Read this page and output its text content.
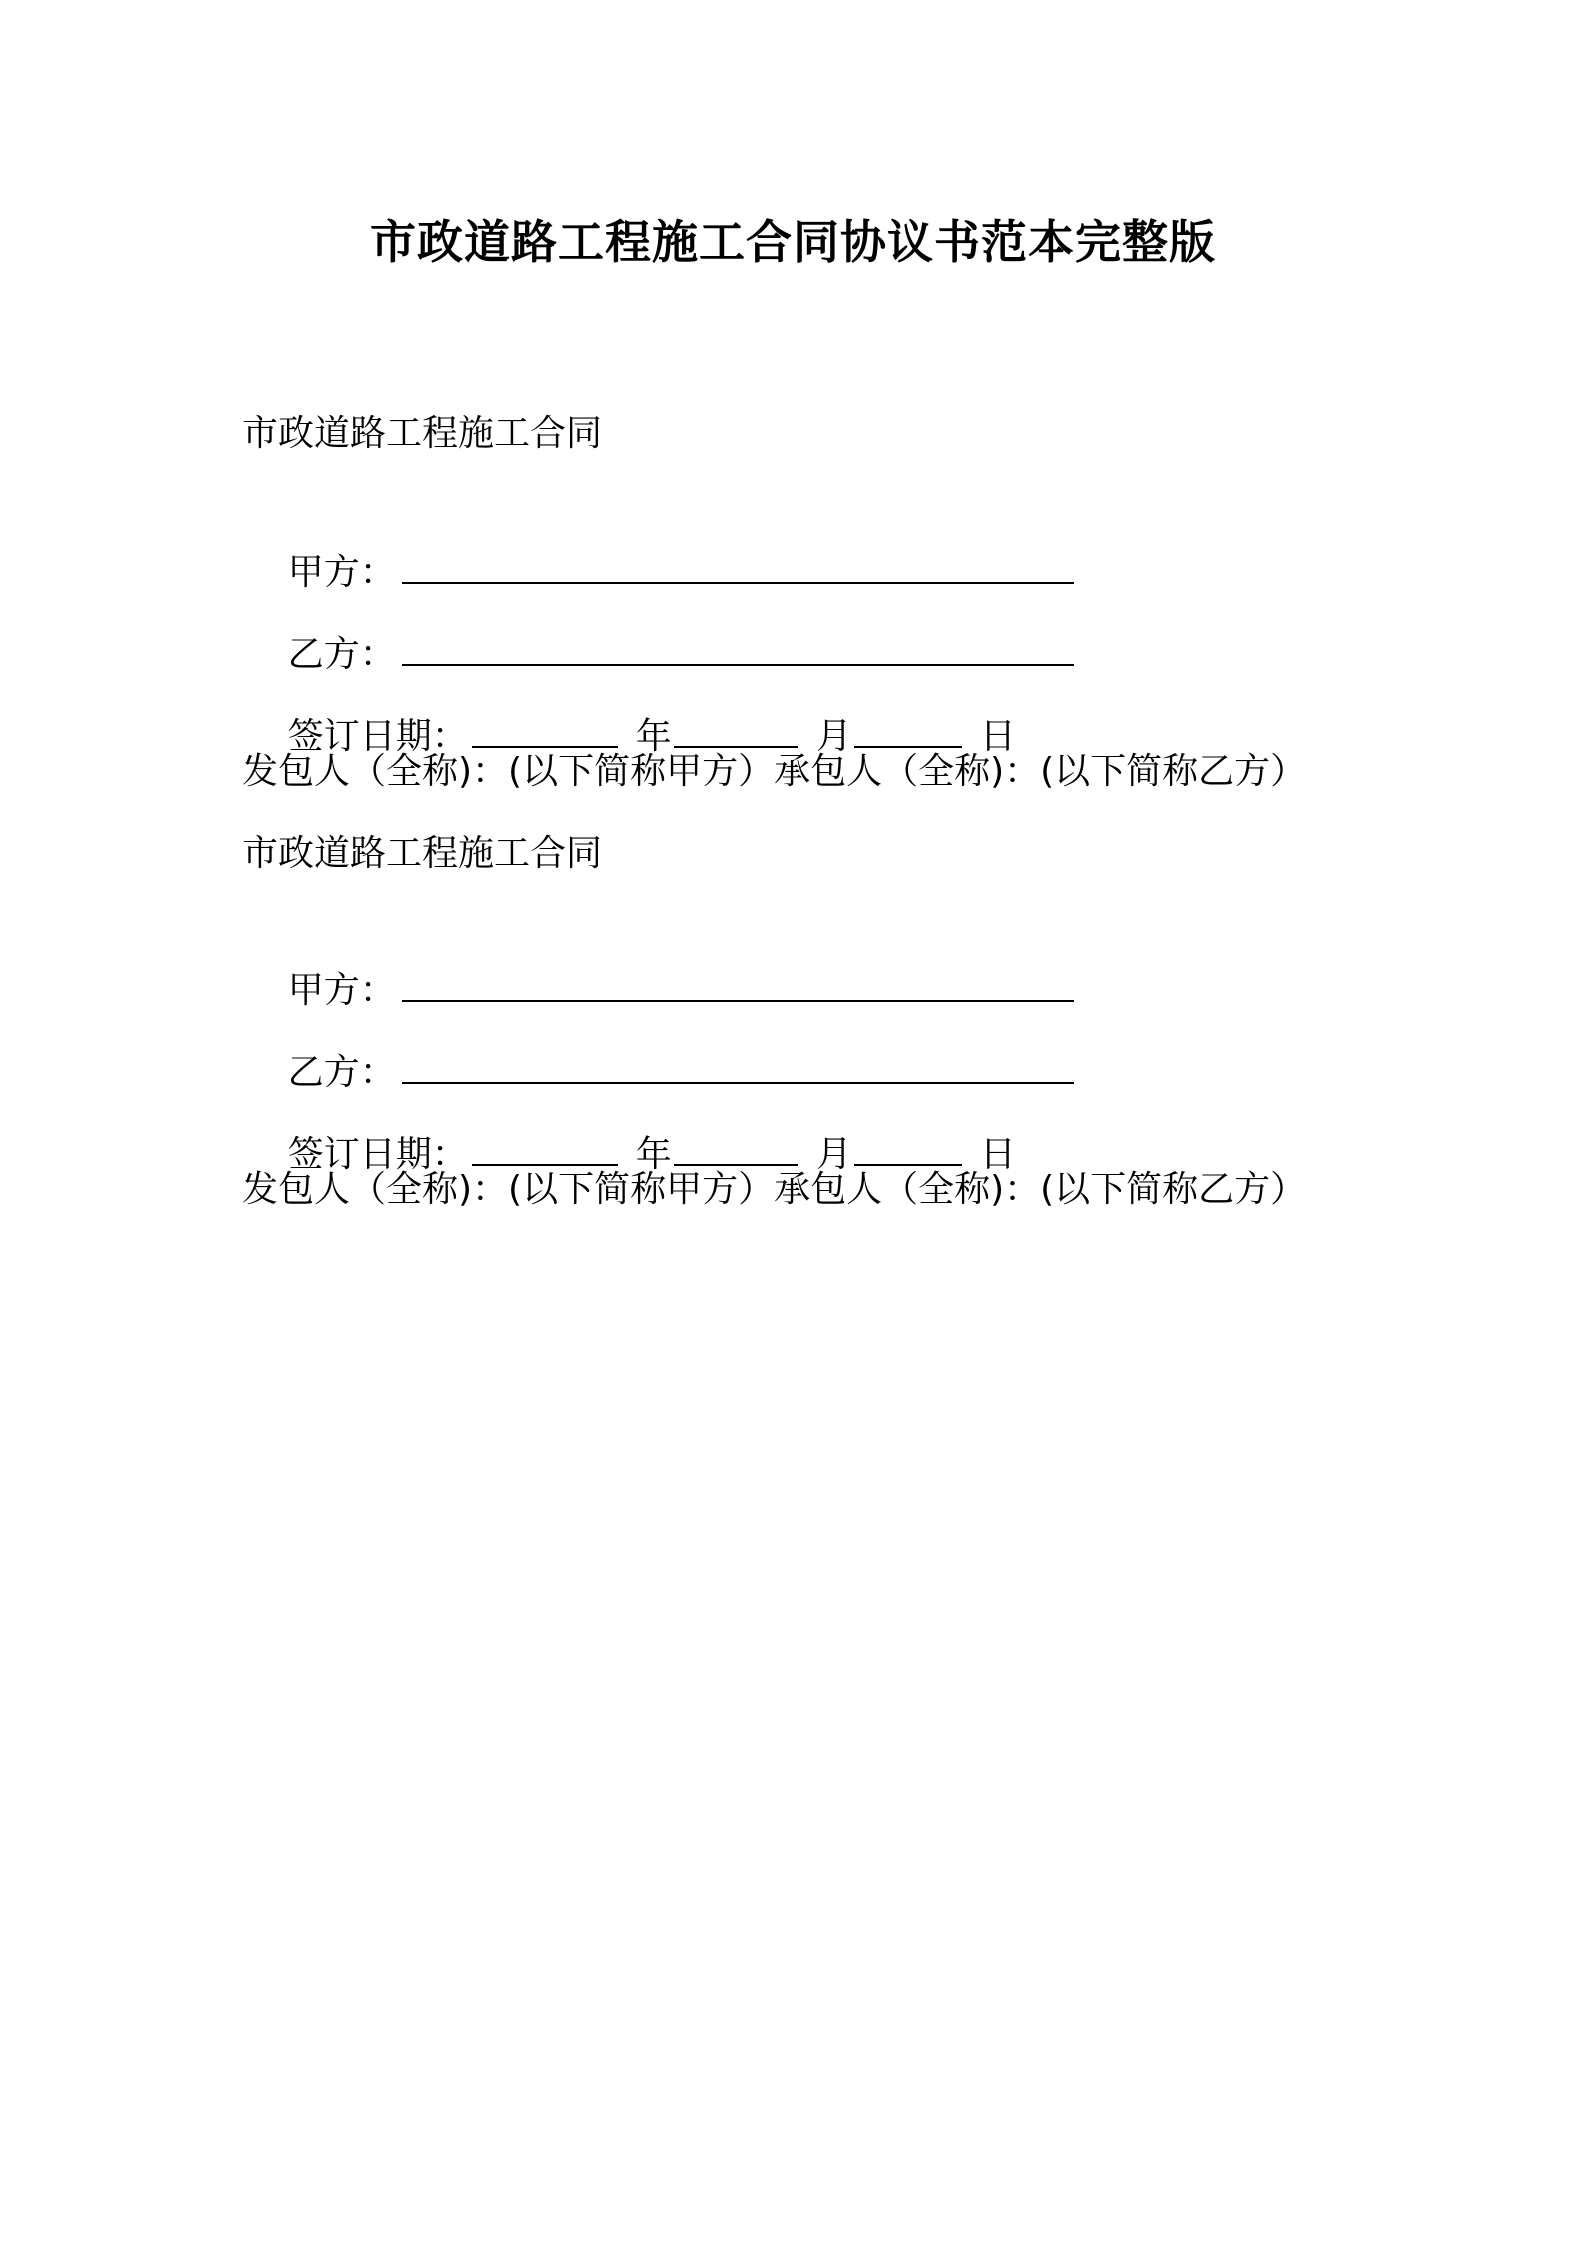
市政道路工程施工合同协议书范本完整版
市政道路工程施工合同

甲方：

乙方：

签订日期：	年	月	日

发包人（全称)：(以下简称甲方）承包人（全称)：(以下简称乙方）
市政道路工程施工合同

甲方：

乙方：

签订日期：	年	月	日

发包人（全称)：(以下简称甲方）承包人（全称)：(以下简称乙方）
